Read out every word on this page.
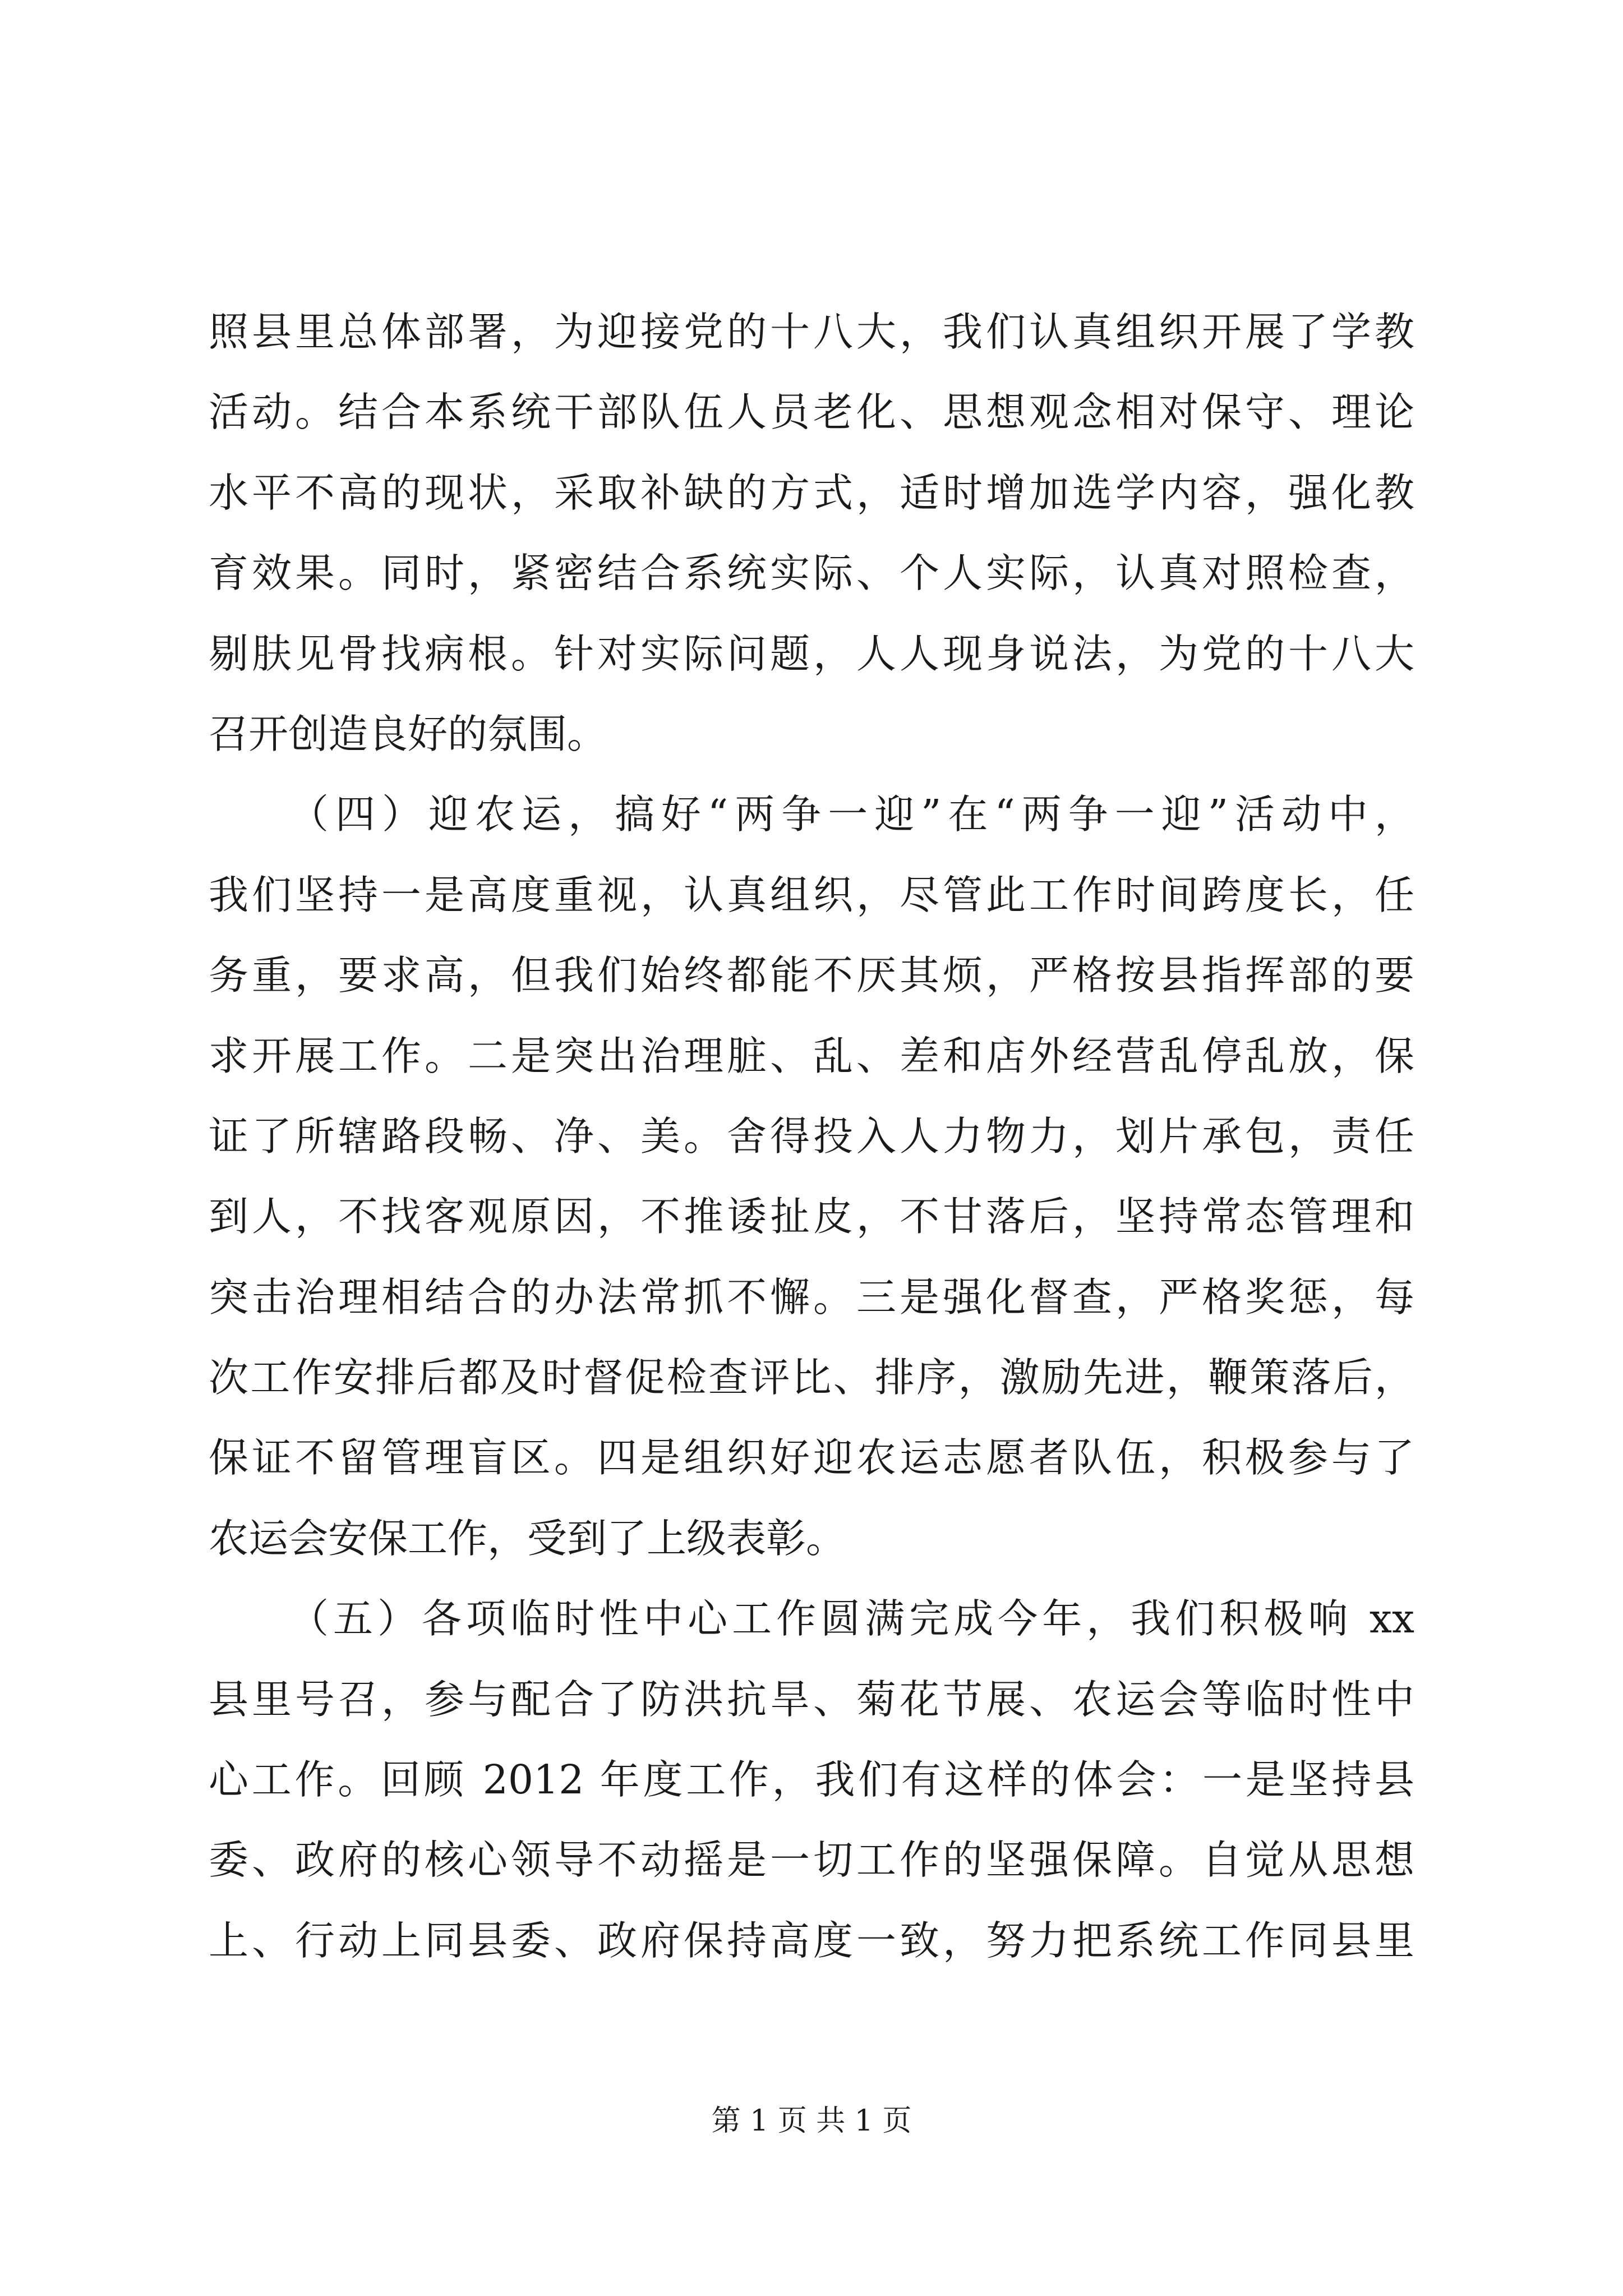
照县里总体部署，为迎接党的十八大，我们认真组织开展了学教
活动。结合本系统干部队伍人员老化、思想观念相对保守、理论
水平不高的现状，采取补缺的方式，适时增加选学内容，强化教
育效果。同时，紧密结合系统实际、个人实际，认真对照检查，
剔肤见骨找病根。针对实际问题，人人现身说法，为党的十八大
召开创造良好的氛围。
（四）迎农运，搞好“两争一迎”在“两争一迎”活动中，
我们坚持一是高度重视，认真组织，尽管此工作时间跨度长，任
务重，要求高，但我们始终都能不厌其烦，严格按县指挥部的要
求开展工作。二是突出治理脏、乱、差和店外经营乱停乱放，保
证了所辖路段畅、净、美。舍得投入人力物力，划片承包，责任
到人，不找客观原因，不推诿扯皮，不甘落后，坚持常态管理和
突击治理相结合的办法常抓不懈。三是强化督查，严格奖惩，每
次工作安排后都及时督促检查评比、排序，激励先进，鞭策落后，
保证不留管理盲区。四是组织好迎农运志愿者队伍，积极参与了
农运会安保工作，受到了上级表彰。
（五）各项临时性中心工作圆满完成今年，我们积极响 xx
县里号召，参与配合了防洪抗旱、菊花节展、农运会等临时性中
心工作。回顾 2012 年度工作，我们有这样的体会：一是坚持县
委、政府的核心领导不动摇是一切工作的坚强保障。自觉从思想
上、行动上同县委、政府保持高度一致，努力把系统工作同县里
第 1 页 共 1 页
